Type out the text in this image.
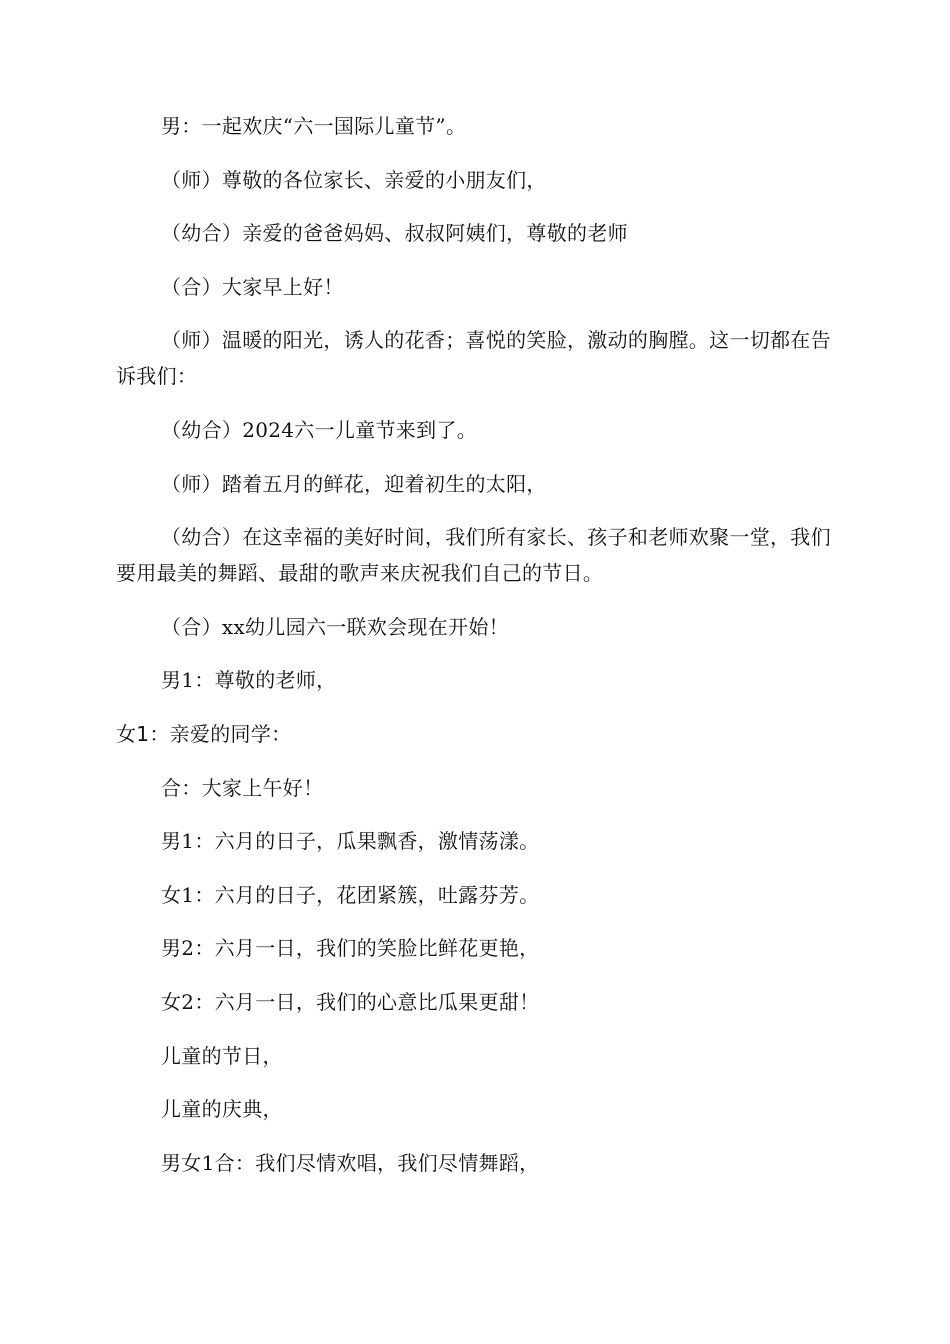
男：一起欢庆“六一国际儿童节”。

（师）尊敬的各位家长、亲爱的小朋友们，

（幼合）亲爱的爸爸妈妈、叔叔阿姨们，尊敬的老师

（合）大家早上好！

（师）温暖的阳光，诱人的花香；喜悦的笑脸，激动的胸膛。这一切都在告诉我们：

（幼合）2024六一儿童节来到了。

（师）踏着五月的鲜花，迎着初生的太阳，

（幼合）在这幸福的美好时间，我们所有家长、孩子和老师欢聚一堂，我们要用最美的舞蹈、最甜的歌声来庆祝我们自己的节日。

（合）xx幼儿园六一联欢会现在开始！

男1：尊敬的老师，

女1：亲爱的同学：

合：大家上午好！

男1：六月的日子，瓜果飘香，激情荡漾。

女1：六月的日子，花团紧簇，吐露芬芳。

男2：六月一日，我们的笑脸比鲜花更艳，

女2：六月一日，我们的心意比瓜果更甜！

儿童的节日，

儿童的庆典，

男女1合：我们尽情欢唱，我们尽情舞蹈，
